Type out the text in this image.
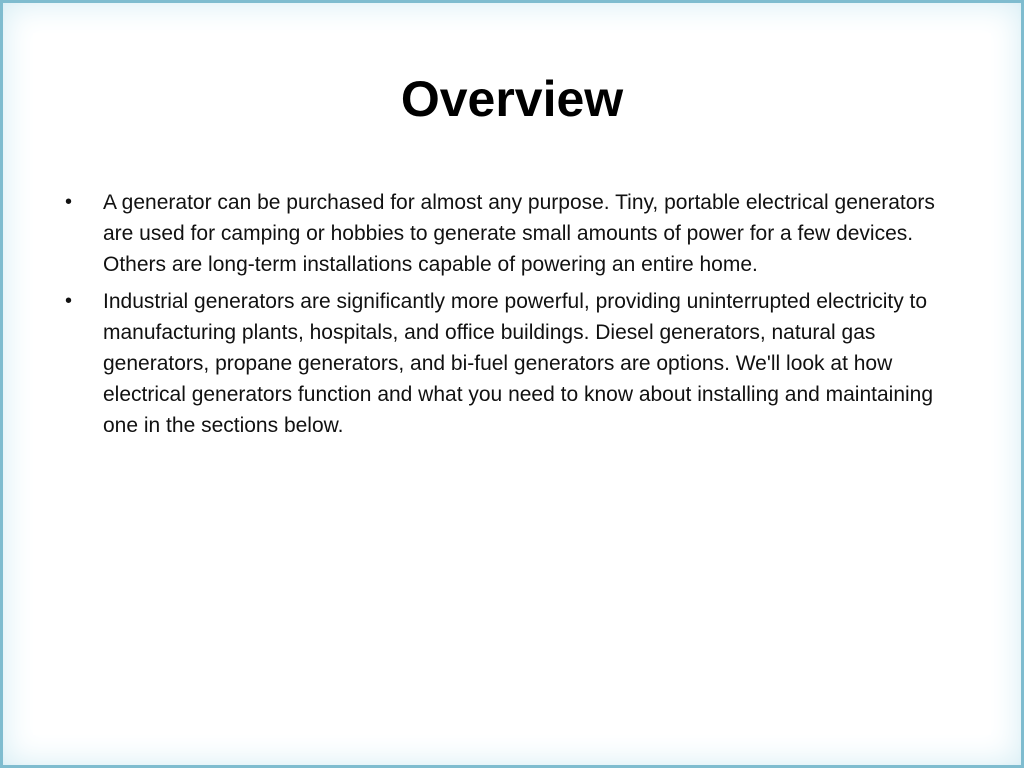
Overview
• A generator can be purchased for almost any purpose. Tiny, portable electrical generators are used for camping or hobbies to generate small amounts of power for a few devices. Others are long-term installations capable of powering an entire home.
• Industrial generators are significantly more powerful, providing uninterrupted electricity to manufacturing plants, hospitals, and office buildings. Diesel generators, natural gas generators, propane generators, and bi-fuel generators are options. We'll look at how electrical generators function and what you need to know about installing and maintaining one in the sections below.
